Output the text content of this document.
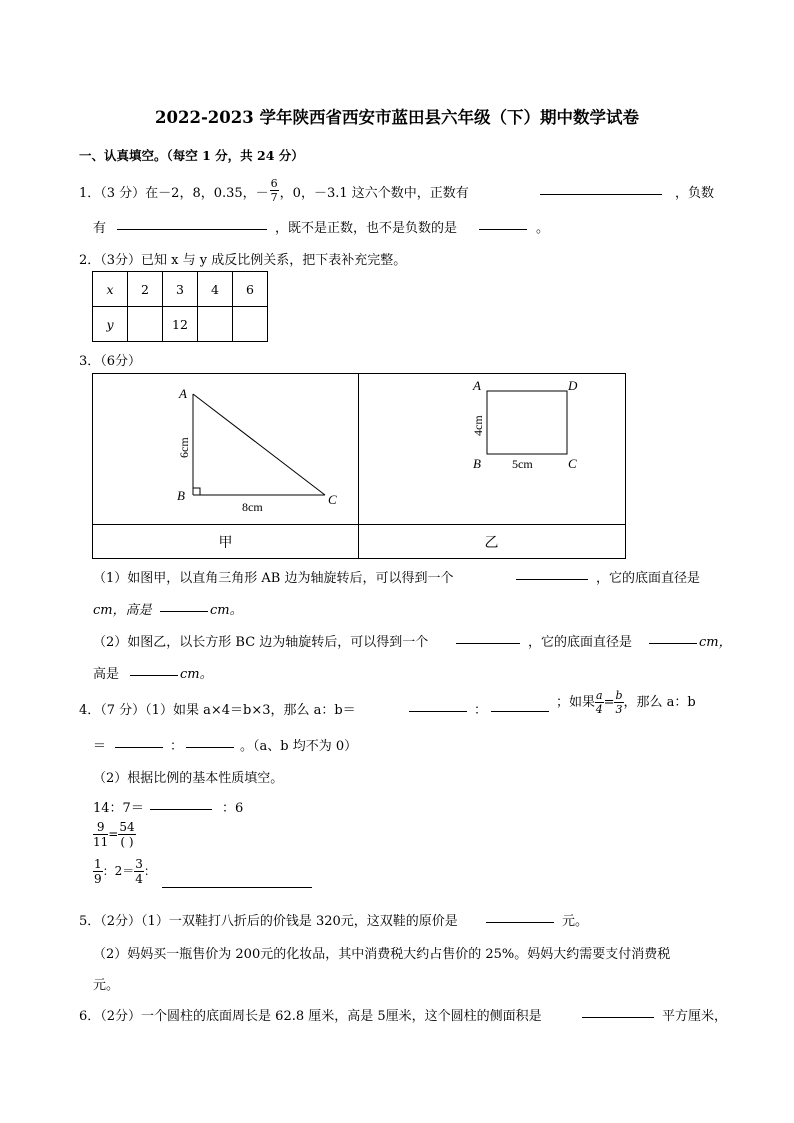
2022-2023 学年陕西省西安市蓝田县六年级（下）期中数学试卷
一、认真填空。（每空 1 分，共 24 分）
1．（3 分）在－2，8，0.35，－ $\frac{6}{7}$ ，0，－3.1 这六个数中，正数有	，负数
有	，既不是正数，也不是负数的是	。
2．（3分）已知 x 与 y 成反比例关系，把下表补充完整。
x	2	3	4	6
y		12		
3．（6分）
A
B	C
6cm
8cm
A
B	C
D
4cm
5cm
甲	乙
（1）如图甲，以直角三角形 AB 边为轴旋转后，可以得到一个	，它的底面直径是
cm，高是	cm。
（2）如图乙，以长方形 BC 边为轴旋转后，可以得到一个	，它的底面直径是	cm，
高是	cm。
4．（7 分）（1）如果 a×4＝b×3，那么 a：b＝	：
；如果 $\frac{a}{4} = \frac{b}{3}$ ，那么 a：b
＝	：	。（a、b 均不为 0）
（2）根据比例的基本性质填空。
14：7＝	：6
$\frac{9}{11} = \frac{54}{( )}$
$\frac{1}{9}$ ：$2= \frac{3}{4}$ ：
5．（2分）（1）一双鞋打八折后的价钱是 320元，这双鞋的原价是	元。
（2）妈妈买一瓶售价为 200元的化妆品，其中消费税大约占售价的 25%。妈妈大约需要支付消费税
元。
6．（2分）一个圆柱的底面周长是 62.8 厘米，高是 5厘米，这个圆柱的侧面积是	平方厘米，
